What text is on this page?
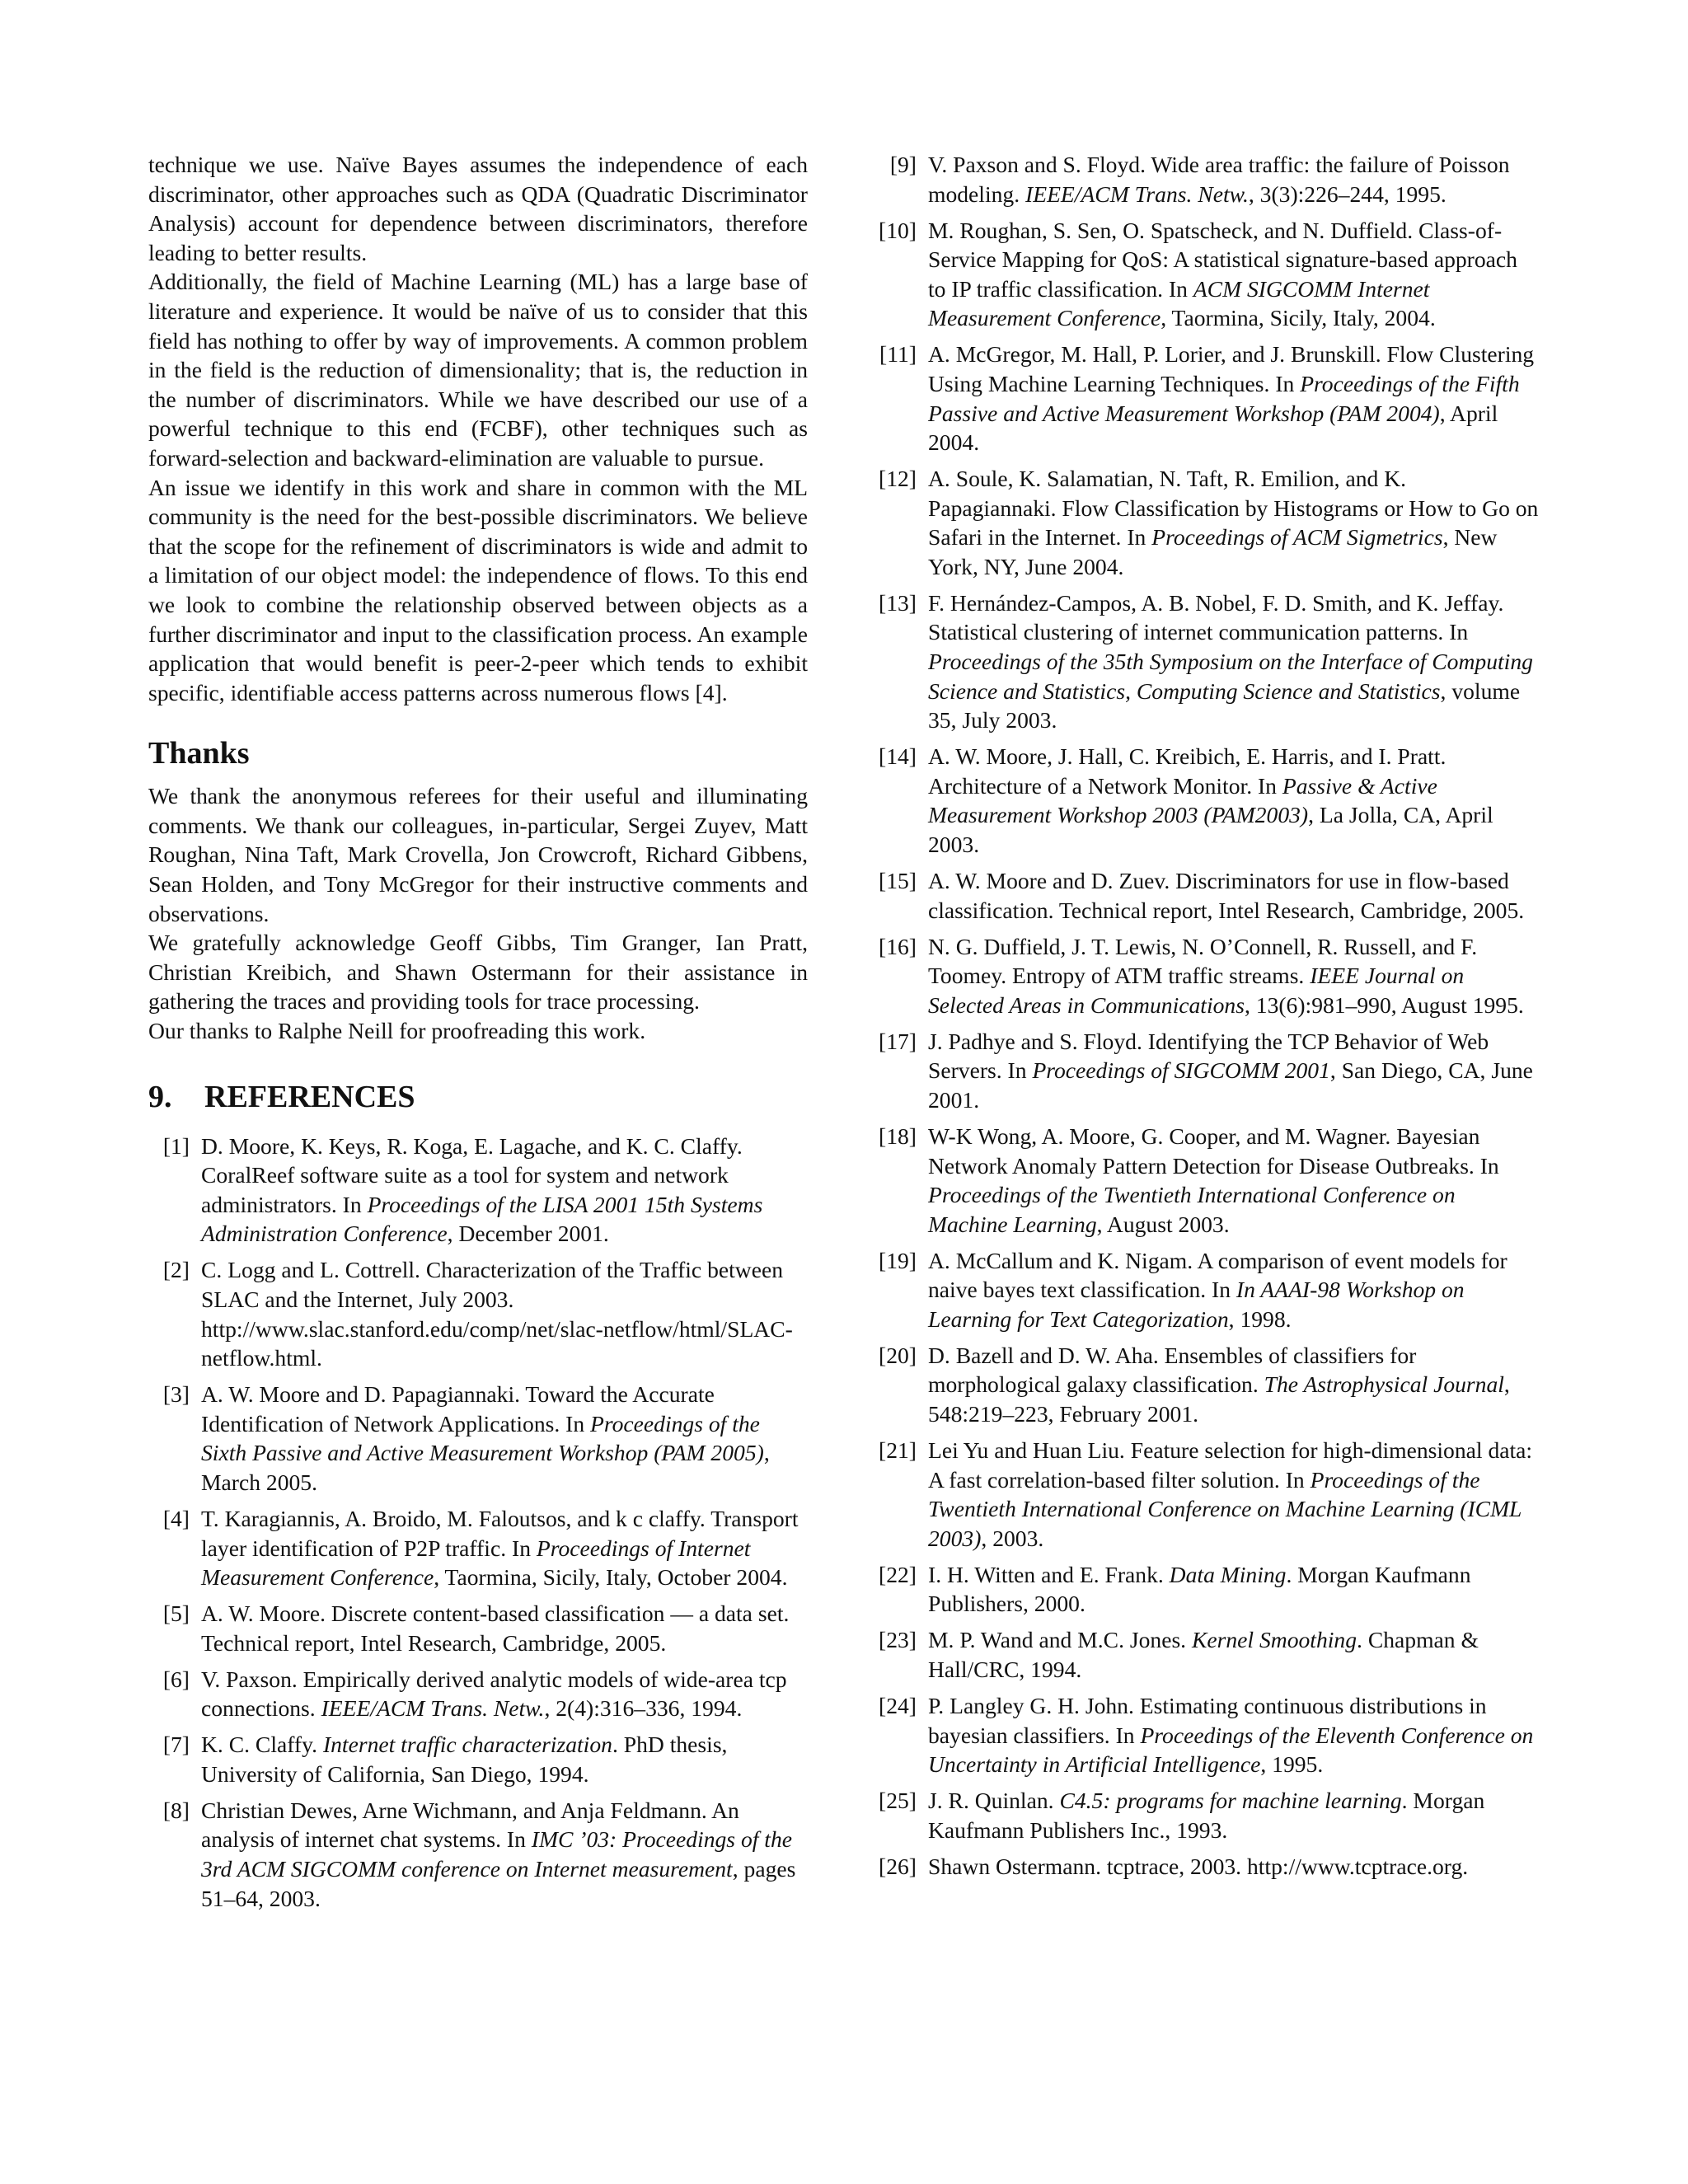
technique we use. Naïve Bayes assumes the independence of each discriminator, other approaches such as QDA (Quadratic Discriminator Analysis) account for dependence between discriminators, therefore leading to better results.

Additionally, the field of Machine Learning (ML) has a large base of literature and experience. It would be naïve of us to consider that this field has nothing to offer by way of improvements. A common problem in the field is the reduction of dimensionality; that is, the reduction in the number of discriminators. While we have described our use of a powerful technique to this end (FCBF), other techniques such as forward-selection and backward-elimination are valuable to pursue.

An issue we identify in this work and share in common with the ML community is the need for the best-possible discriminators. We believe that the scope for the refinement of discriminators is wide and admit to a limitation of our object model: the independence of flows. To this end we look to combine the relationship observed between objects as a further discriminator and input to the classification process. An example application that would benefit is peer-2-peer which tends to exhibit specific, identifiable access patterns across numerous flows [4].

Thanks

We thank the anonymous referees for their useful and illuminating comments. We thank our colleagues, in-particular, Sergei Zuyev, Matt Roughan, Nina Taft, Mark Crovella, Jon Crowcroft, Richard Gibbens, Sean Holden, and Tony McGregor for their instructive comments and observations.

We gratefully acknowledge Geoff Gibbs, Tim Granger, Ian Pratt, Christian Kreibich, and Shawn Ostermann for their assistance in gathering the traces and providing tools for trace processing.

Our thanks to Ralphe Neill for proofreading this work.

9. REFERENCES
[1] D. Moore, K. Keys, R. Koga, E. Lagache, and K. C. Claffy. CoralReef software suite as a tool for system and network administrators. In Proceedings of the LISA 2001 15th Systems Administration Conference, December 2001.
[2] C. Logg and L. Cottrell. Characterization of the Traffic between SLAC and the Internet, July 2003. http://www.slac.stanford.edu/comp/net/slac-netflow/html/SLAC-netflow.html.
[3] A. W. Moore and D. Papagiannaki. Toward the Accurate Identification of Network Applications. In Proceedings of the Sixth Passive and Active Measurement Workshop (PAM 2005), March 2005.
[4] T. Karagiannis, A. Broido, M. Faloutsos, and k c claffy. Transport layer identification of P2P traffic. In Proceedings of Internet Measurement Conference, Taormina, Sicily, Italy, October 2004.
[5] A. W. Moore. Discrete content-based classification — a data set. Technical report, Intel Research, Cambridge, 2005.
[6] V. Paxson. Empirically derived analytic models of wide-area tcp connections. IEEE/ACM Trans. Netw., 2(4):316–336, 1994.
[7] K. C. Claffy. Internet traffic characterization. PhD thesis, University of California, San Diego, 1994.
[8] Christian Dewes, Arne Wichmann, and Anja Feldmann. An analysis of internet chat systems. In IMC ’03: Proceedings of the 3rd ACM SIGCOMM conference on Internet measurement, pages 51–64, 2003.
[9] V. Paxson and S. Floyd. Wide area traffic: the failure of Poisson modeling. IEEE/ACM Trans. Netw., 3(3):226–244, 1995.
[10] M. Roughan, S. Sen, O. Spatscheck, and N. Duffield. Class-of-Service Mapping for QoS: A statistical signature-based approach to IP traffic classification. In ACM SIGCOMM Internet Measurement Conference, Taormina, Sicily, Italy, 2004.
[11] A. McGregor, M. Hall, P. Lorier, and J. Brunskill. Flow Clustering Using Machine Learning Techniques. In Proceedings of the Fifth Passive and Active Measurement Workshop (PAM 2004), April 2004.
[12] A. Soule, K. Salamatian, N. Taft, R. Emilion, and K. Papagiannaki. Flow Classification by Histograms or How to Go on Safari in the Internet. In Proceedings of ACM Sigmetrics, New York, NY, June 2004.
[13] F. Hernández-Campos, A. B. Nobel, F. D. Smith, and K. Jeffay. Statistical clustering of internet communication patterns. In Proceedings of the 35th Symposium on the Interface of Computing Science and Statistics, Computing Science and Statistics, volume 35, July 2003.
[14] A. W. Moore, J. Hall, C. Kreibich, E. Harris, and I. Pratt. Architecture of a Network Monitor. In Passive & Active Measurement Workshop 2003 (PAM2003), La Jolla, CA, April 2003.
[15] A. W. Moore and D. Zuev. Discriminators for use in flow-based classification. Technical report, Intel Research, Cambridge, 2005.
[16] N. G. Duffield, J. T. Lewis, N. O’Connell, R. Russell, and F. Toomey. Entropy of ATM traffic streams. IEEE Journal on Selected Areas in Communications, 13(6):981–990, August 1995.
[17] J. Padhye and S. Floyd. Identifying the TCP Behavior of Web Servers. In Proceedings of SIGCOMM 2001, San Diego, CA, June 2001.
[18] W-K Wong, A. Moore, G. Cooper, and M. Wagner. Bayesian Network Anomaly Pattern Detection for Disease Outbreaks. In Proceedings of the Twentieth International Conference on Machine Learning, August 2003.
[19] A. McCallum and K. Nigam. A comparison of event models for naive bayes text classification. In In AAAI-98 Workshop on Learning for Text Categorization, 1998.
[20] D. Bazell and D. W. Aha. Ensembles of classifiers for morphological galaxy classification. The Astrophysical Journal, 548:219–223, February 2001.
[21] Lei Yu and Huan Liu. Feature selection for high-dimensional data: A fast correlation-based filter solution. In Proceedings of the Twentieth International Conference on Machine Learning (ICML 2003), 2003.
[22] I. H. Witten and E. Frank. Data Mining. Morgan Kaufmann Publishers, 2000.
[23] M. P. Wand and M.C. Jones. Kernel Smoothing. Chapman & Hall/CRC, 1994.
[24] P. Langley G. H. John. Estimating continuous distributions in bayesian classifiers. In Proceedings of the Eleventh Conference on Uncertainty in Artificial Intelligence, 1995.
[25] J. R. Quinlan. C4.5: programs for machine learning. Morgan Kaufmann Publishers Inc., 1993.
[26] Shawn Ostermann. tcptrace, 2003. http://www.tcptrace.org.
